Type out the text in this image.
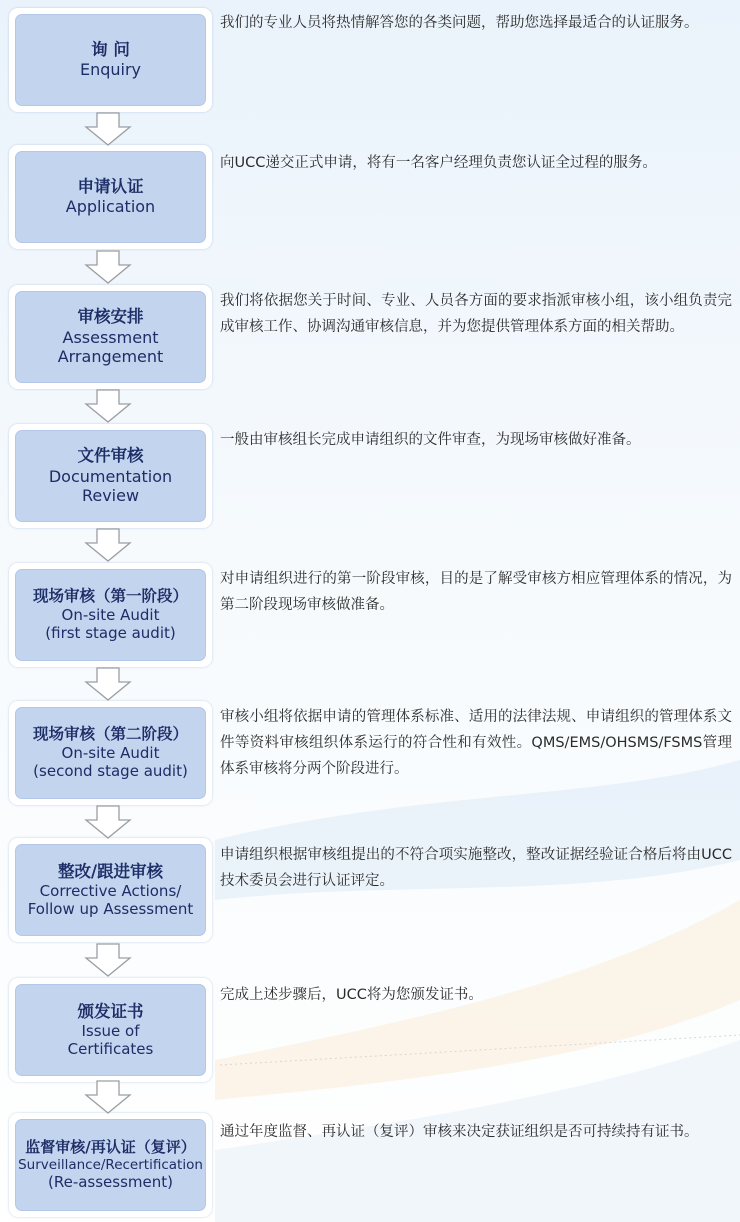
询 问
Enquiry
我们的专业人员将热情解答您的各类问题，帮助您选择最适合的认证服务。
申请认证
Application
向UCC递交正式申请，将有一名客户经理负责您认证全过程的服务。
审核安排
Assessment
Arrangement
我们将依据您关于时间、专业、人员各方面的要求指派审核小组，该小组负责完成审核工作、协调沟通审核信息，并为您提供管理体系方面的相关帮助。
文件审核
Documentation
Review
一般由审核组长完成申请组织的文件审查，为现场审核做好准备。
现场审核（第一阶段）
On-site Audit
(first stage audit)
对申请组织进行的第一阶段审核，目的是了解受审核方相应管理体系的情况，为第二阶段现场审核做准备。
现场审核（第二阶段）
On-site Audit
(second stage audit)
审核小组将依据申请的管理体系标准、适用的法律法规、申请组织的管理体系文件等资料审核组织体系运行的符合性和有效性。QMS/EMS/OHSMS/FSMS管理体系审核将分两个阶段进行。
整改/跟进审核
Corrective Actions/
Follow up Assessment
申请组织根据审核组提出的不符合项实施整改，整改证据经验证合格后将由UCC技术委员会进行认证评定。
颁发证书
Issue of
Certificates
完成上述步骤后，UCC将为您颁发证书。
监督审核/再认证（复评）
Surveillance/Recertification
(Re-assessment)
通过年度监督、再认证（复评）审核来决定获证组织是否可持续持有证书。
